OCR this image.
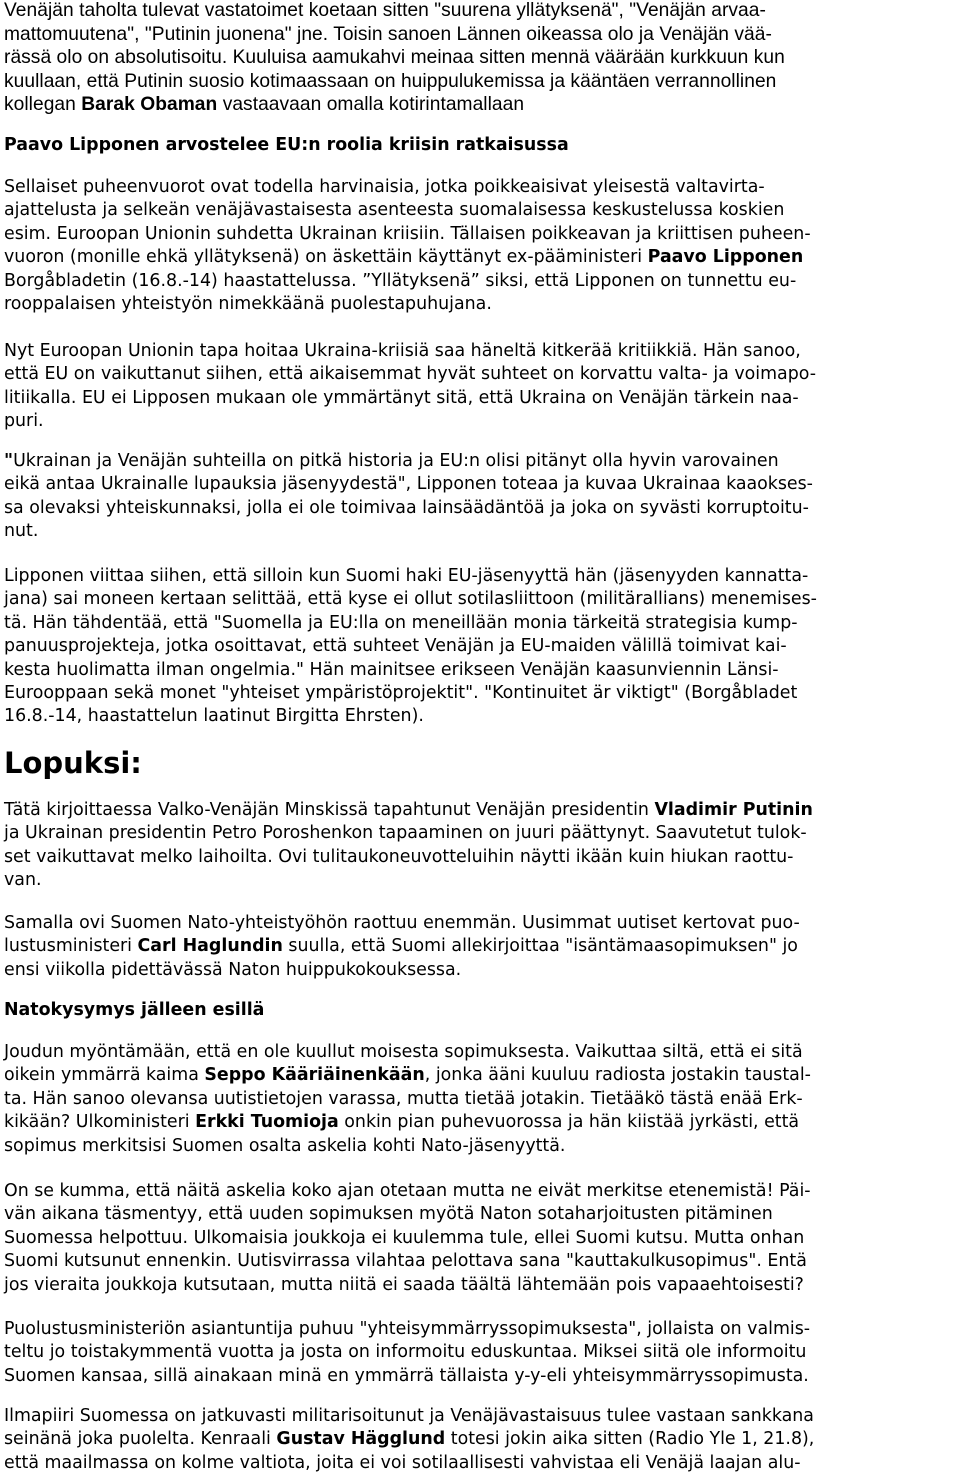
Venäjän taholta tulevat vastatoimet koetaan sitten "suurena yllätyksenä", "Venäjän arvaa-
mattomuutena", "Putinin juonena" jne. Toisin sanoen Lännen oikeassa olo ja Venäjän vää-
rässä olo on absolutisoitu. Kuuluisa aamukahvi meinaa sitten mennä väärään kurkkuun kun
kuullaan, että Putinin suosio kotimaassaan on huippulukemissa ja kääntäen verrannollinen
kollegan Barak Obaman vastaavaan omalla kotirintamallaan
Paavo Lipponen arvostelee EU:n roolia kriisin ratkaisussa
Sellaiset puheenvuorot ovat todella harvinaisia, jotka poikkeaisivat yleisestä valtavirta-
ajattelusta ja selkeän venäjävastaisesta asenteesta suomalaisessa keskustelussa koskien
esim. Euroopan Unionin suhdetta Ukrainan kriisiin. Tällaisen poikkeavan ja kriittisen puheen-
vuoron (monille ehkä yllätyksenä) on äskettäin käyttänyt ex-pääministeri Paavo Lipponen
Borgåbladetin (16.8.-14) haastattelussa. ”Yllätyksenä” siksi, että Lipponen on tunnettu eu-
rooppalaisen yhteistyön nimekkäänä puolestapuhujana.
Nyt Euroopan Unionin tapa hoitaa Ukraina-kriisiä saa häneltä kitkerää kritiikkiä. Hän sanoo,
että EU on vaikuttanut siihen, että aikaisemmat hyvät suhteet on korvattu valta- ja voimapo-
litiikalla. EU ei Lipposen mukaan ole ymmärtänyt sitä, että Ukraina on Venäjän tärkein naa-
puri.
"Ukrainan ja Venäjän suhteilla on pitkä historia ja EU:n olisi pitänyt olla hyvin varovainen
eikä antaa Ukrainalle lupauksia jäsenyydestä", Lipponen toteaa ja kuvaa Ukrainaa kaaokses-
sa olevaksi yhteiskunnaksi, jolla ei ole toimivaa lainsäädäntöä ja joka on syvästi korruptoitu-
nut.
Lipponen viittaa siihen, että silloin kun Suomi haki EU-jäsenyyttä hän (jäsenyyden kannatta-
jana) sai moneen kertaan selittää, että kyse ei ollut sotilasliittoon (militärallians) menemises-
tä. Hän tähdentää, että "Suomella ja EU:lla on meneillään monia tärkeitä strategisia kump-
panuusprojekteja, jotka osoittavat, että suhteet Venäjän ja EU-maiden välillä toimivat kai-
kesta huolimatta ilman ongelmia." Hän mainitsee erikseen Venäjän kaasunviennin Länsi-
Eurooppaan sekä monet "yhteiset ympäristöprojektit". "Kontinuitet är viktigt" (Borgåbladet
16.8.-14, haastattelun laatinut Birgitta Ehrsten).
Lopuksi:
Tätä kirjoittaessa Valko-Venäjän Minskissä tapahtunut Venäjän presidentin Vladimir Putinin
ja Ukrainan presidentin Petro Poroshenkon tapaaminen on juuri päättynyt. Saavutetut tulok-
set vaikuttavat melko laihoilta. Ovi tulitaukoneuvotteluihin näytti ikään kuin hiukan raottu-
van.
Samalla ovi Suomen Nato-yhteistyöhön raottuu enemmän. Uusimmat uutiset kertovat puo-
lustusministeri Carl Haglundin suulla, että Suomi allekirjoittaa "isäntämaasopimuksen" jo
ensi viikolla pidettävässä Naton huippukokouksessa.
Natokysymys jälleen esillä
Joudun myöntämään, että en ole kuullut moisesta sopimuksesta. Vaikuttaa siltä, että ei sitä
oikein ymmärrä kaima Seppo Kääriäinenkään, jonka ääni kuuluu radiosta jostakin taustal-
ta. Hän sanoo olevansa uutistietojen varassa, mutta tietää jotakin. Tietääkö tästä enää Erk-
kikään? Ulkoministeri Erkki Tuomioja onkin pian puhevuorossa ja hän kiistää jyrkästi, että
sopimus merkitsisi Suomen osalta askelia kohti Nato-jäsenyyttä.
On se kumma, että näitä askelia koko ajan otetaan mutta ne eivät merkitse etenemistä! Päi-
vän aikana täsmentyy, että uuden sopimuksen myötä Naton sotaharjoitusten pitäminen
Suomessa helpottuu. Ulkomaisia joukkoja ei kuulemma tule, ellei Suomi kutsu. Mutta onhan
Suomi kutsunut ennenkin. Uutisvirrassa vilahtaa pelottava sana "kauttakulkusopimus". Entä
jos vieraita joukkoja kutsutaan, mutta niitä ei saada täältä lähtemään pois vapaaehtoisesti?
Puolustusministeriön asiantuntija puhuu "yhteisymmärryssopimuksesta", jollaista on valmis-
teltu jo toistakymmentä vuotta ja josta on informoitu eduskuntaa. Miksei siitä ole informoitu
Suomen kansaa, sillä ainakaan minä en ymmärrä tällaista y-y-eli yhteisymmärryssopimusta.
Ilmapiiri Suomessa on jatkuvasti militarisoitunut ja Venäjävastaisuus tulee vastaan sankkana
seinänä joka puolelta. Kenraali Gustav Hägglund totesi jokin aika sitten (Radio Yle 1, 21.8),
että maailmassa on kolme valtiota, joita ei voi sotilaallisesti vahvistaa eli Venäjä laajan alu-
